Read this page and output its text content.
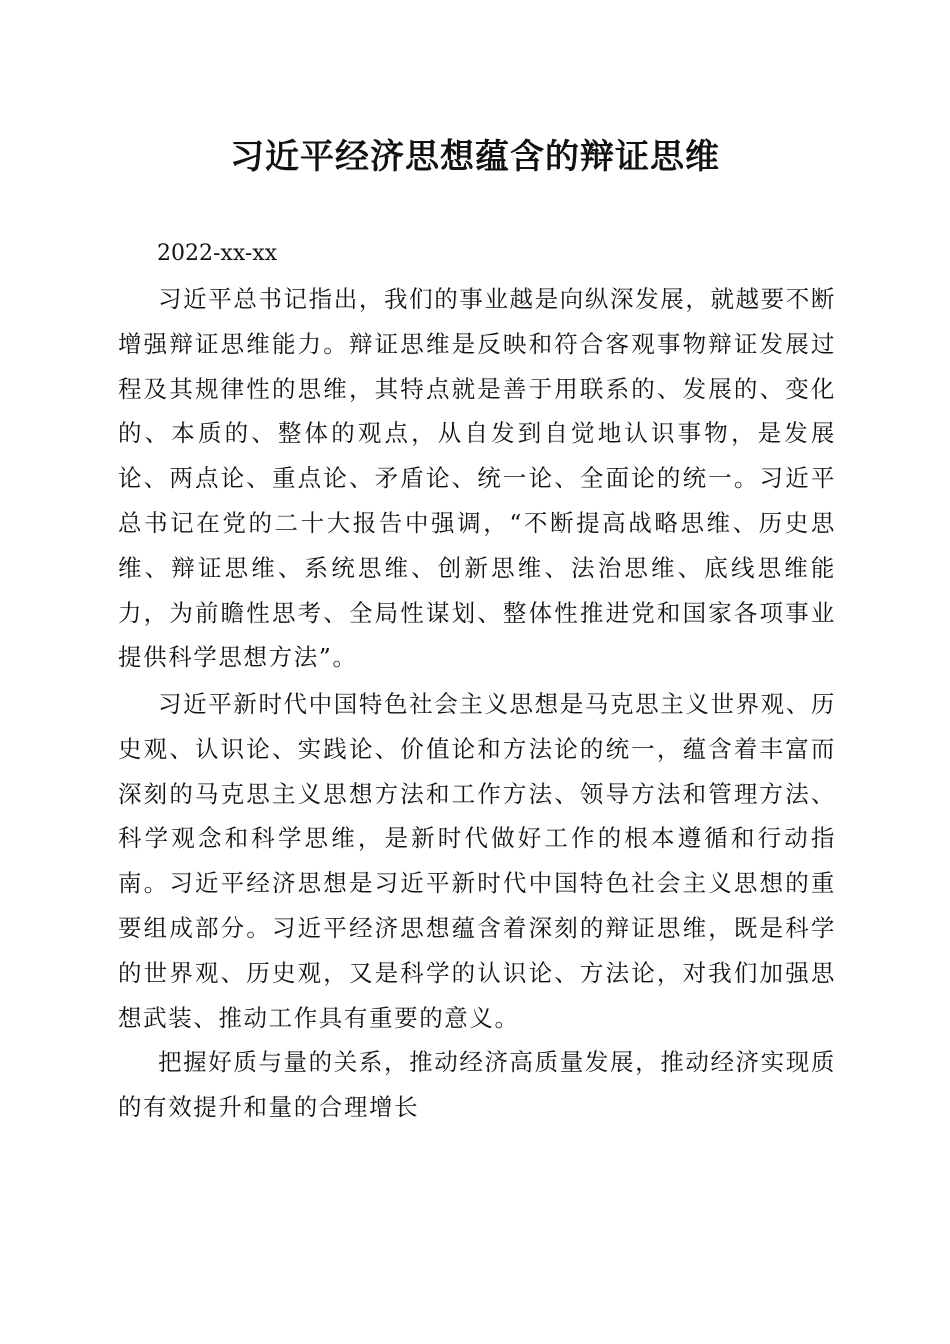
习近平经济思想蕴含的辩证思维

2022-xx-xx

习近平总书记指出，我们的事业越是向纵深发展，就越要不断增强辩证思维能力。辩证思维是反映和符合客观事物辩证发展过程及其规律性的思维，其特点就是善于用联系的、发展的、变化的、本质的、整体的观点，从自发到自觉地认识事物，是发展论、两点论、重点论、矛盾论、统一论、全面论的统一。习近平总书记在党的二十大报告中强调，“不断提高战略思维、历史思维、辩证思维、系统思维、创新思维、法治思维、底线思维能力，为前瞻性思考、全局性谋划、整体性推进党和国家各项事业提供科学思想方法”。

习近平新时代中国特色社会主义思想是马克思主义世界观、历史观、认识论、实践论、价值论和方法论的统一，蕴含着丰富而深刻的马克思主义思想方法和工作方法、领导方法和管理方法、科学观念和科学思维，是新时代做好工作的根本遵循和行动指南。习近平经济思想是习近平新时代中国特色社会主义思想的重要组成部分。习近平经济思想蕴含着深刻的辩证思维，既是科学的世界观、历史观，又是科学的认识论、方法论，对我们加强思想武装、推动工作具有重要的意义。

把握好质与量的关系，推动经济高质量发展，推动经济实现质的有效提升和量的合理增长
